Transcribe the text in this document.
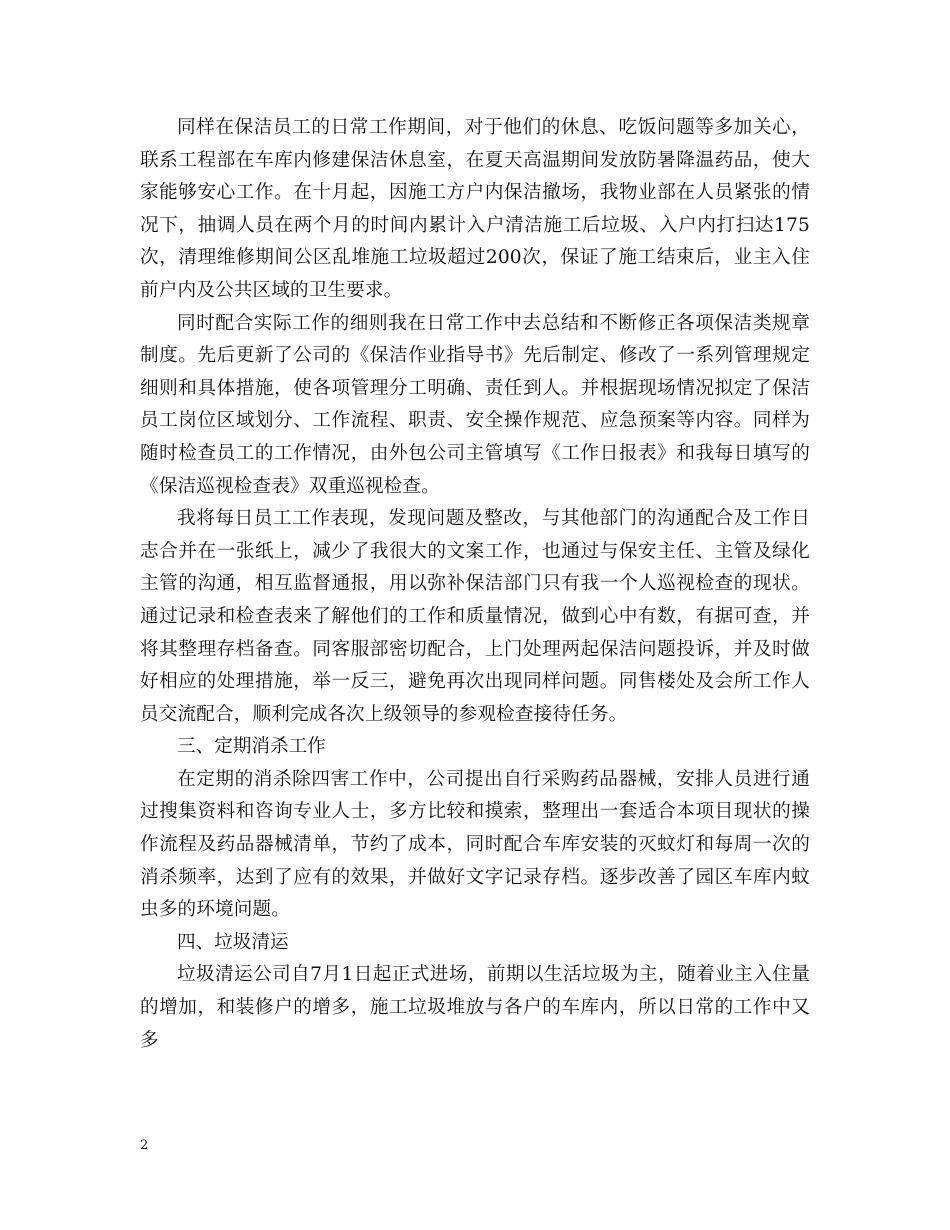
同样在保洁员工的日常工作期间，对于他们的休息、吃饭问题等多加关心，联系工程部在车库内修建保洁休息室，在夏天高温期间发放防暑降温药品，使大家能够安心工作。在十月起，因施工方户内保洁撤场，我物业部在人员紧张的情况下，抽调人员在两个月的时间内累计入户清洁施工后垃圾、入户内打扫达175次，清理维修期间公区乱堆施工垃圾超过200次，保证了施工结束后，业主入住前户内及公共区域的卫生要求。

同时配合实际工作的细则我在日常工作中去总结和不断修正各项保洁类规章制度。先后更新了公司的《保洁作业指导书》先后制定、修改了一系列管理规定细则和具体措施，使各项管理分工明确、责任到人。并根据现场情况拟定了保洁员工岗位区域划分、工作流程、职责、安全操作规范、应急预案等内容。同样为随时检查员工的工作情况，由外包公司主管填写《工作日报表》和我每日填写的《保洁巡视检查表》双重巡视检查。

我将每日员工工作表现，发现问题及整改，与其他部门的沟通配合及工作日志合并在一张纸上，减少了我很大的文案工作，也通过与保安主任、主管及绿化主管的沟通，相互监督通报，用以弥补保洁部门只有我一个人巡视检查的现状。通过记录和检查表来了解他们的工作和质量情况，做到心中有数，有据可查，并将其整理存档备查。同客服部密切配合，上门处理两起保洁问题投诉，并及时做好相应的处理措施，举一反三，避免再次出现同样问题。同售楼处及会所工作人员交流配合，顺利完成各次上级领导的参观检查接待任务。

三、定期消杀工作

在定期的消杀除四害工作中，公司提出自行采购药品器械，安排人员进行通过搜集资料和咨询专业人士，多方比较和摸索，整理出一套适合本项目现状的操作流程及药品器械清单，节约了成本，同时配合车库安装的灭蚊灯和每周一次的消杀频率，达到了应有的效果，并做好文字记录存档。逐步改善了园区车库内蚊虫多的环境问题。

四、垃圾清运

垃圾清运公司自7月1日起正式进场，前期以生活垃圾为主，随着业主入住量的增加，和装修户的增多，施工垃圾堆放与各户的车库内，所以日常的工作中又多

2
